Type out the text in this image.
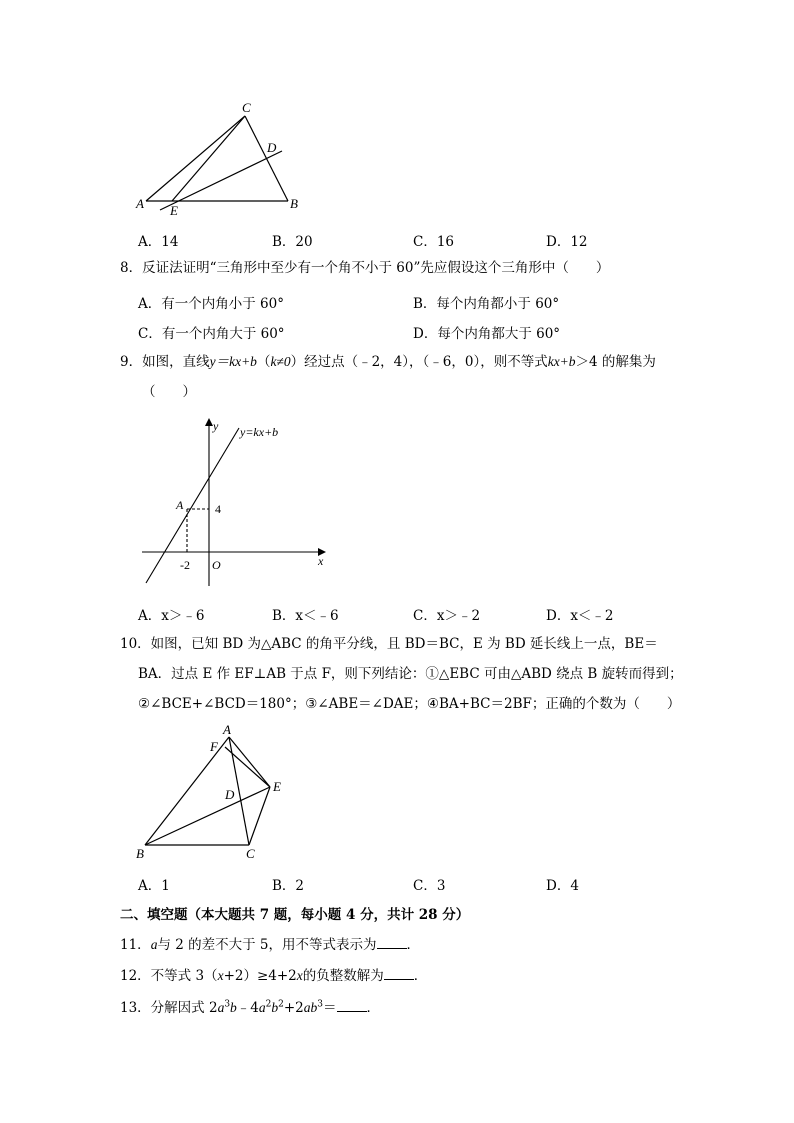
C
D
A E	B
A．14	B．20	C．16	D．12
8．反证法证明“三角形中至少有一个角不小于 60”先应假设这个三角形中（　　）
A．有一个内角小于 60°	B．每个内角都小于 60°
C．有一个内角大于 60°	D．每个内角都大于 60°
9．如图，直线y＝kx+b（k≠0）经过点（﹣2，4），（﹣6，0），则不等式kx+b＞4 的解集为
（　　）
y=kx+b
y
x
A	4
-2 O
A．x＞﹣6	B．x＜﹣6	C．x＞﹣2	D．x＜﹣2
10．如图，已知 BD 为△ABC 的角平分线，且 BD＝BC，E 为 BD 延长线上一点，BE＝
BA．过点 E 作 EF⊥AB 于点 F，则下列结论：①△EBC 可由△ABD 绕点 B 旋转而得到；
②∠BCE+∠BCD＝180°；③∠ABE＝∠DAE；④BA+BC＝2BF；正确的个数为（　　）
A
F
E
D
B	C
A．1	B．2	C．3	D．4
二、填空题（本大题共 7 题，每小题 4 分，共计 28 分）
11．a与 2 的差不大于 5，用不等式表示为 ．
12．不等式 3（x+2）≥4+2x的负整数解为 ．
13．分解因式 $2a^3b﹣4a^2b^2+2ab^3=$ ．
